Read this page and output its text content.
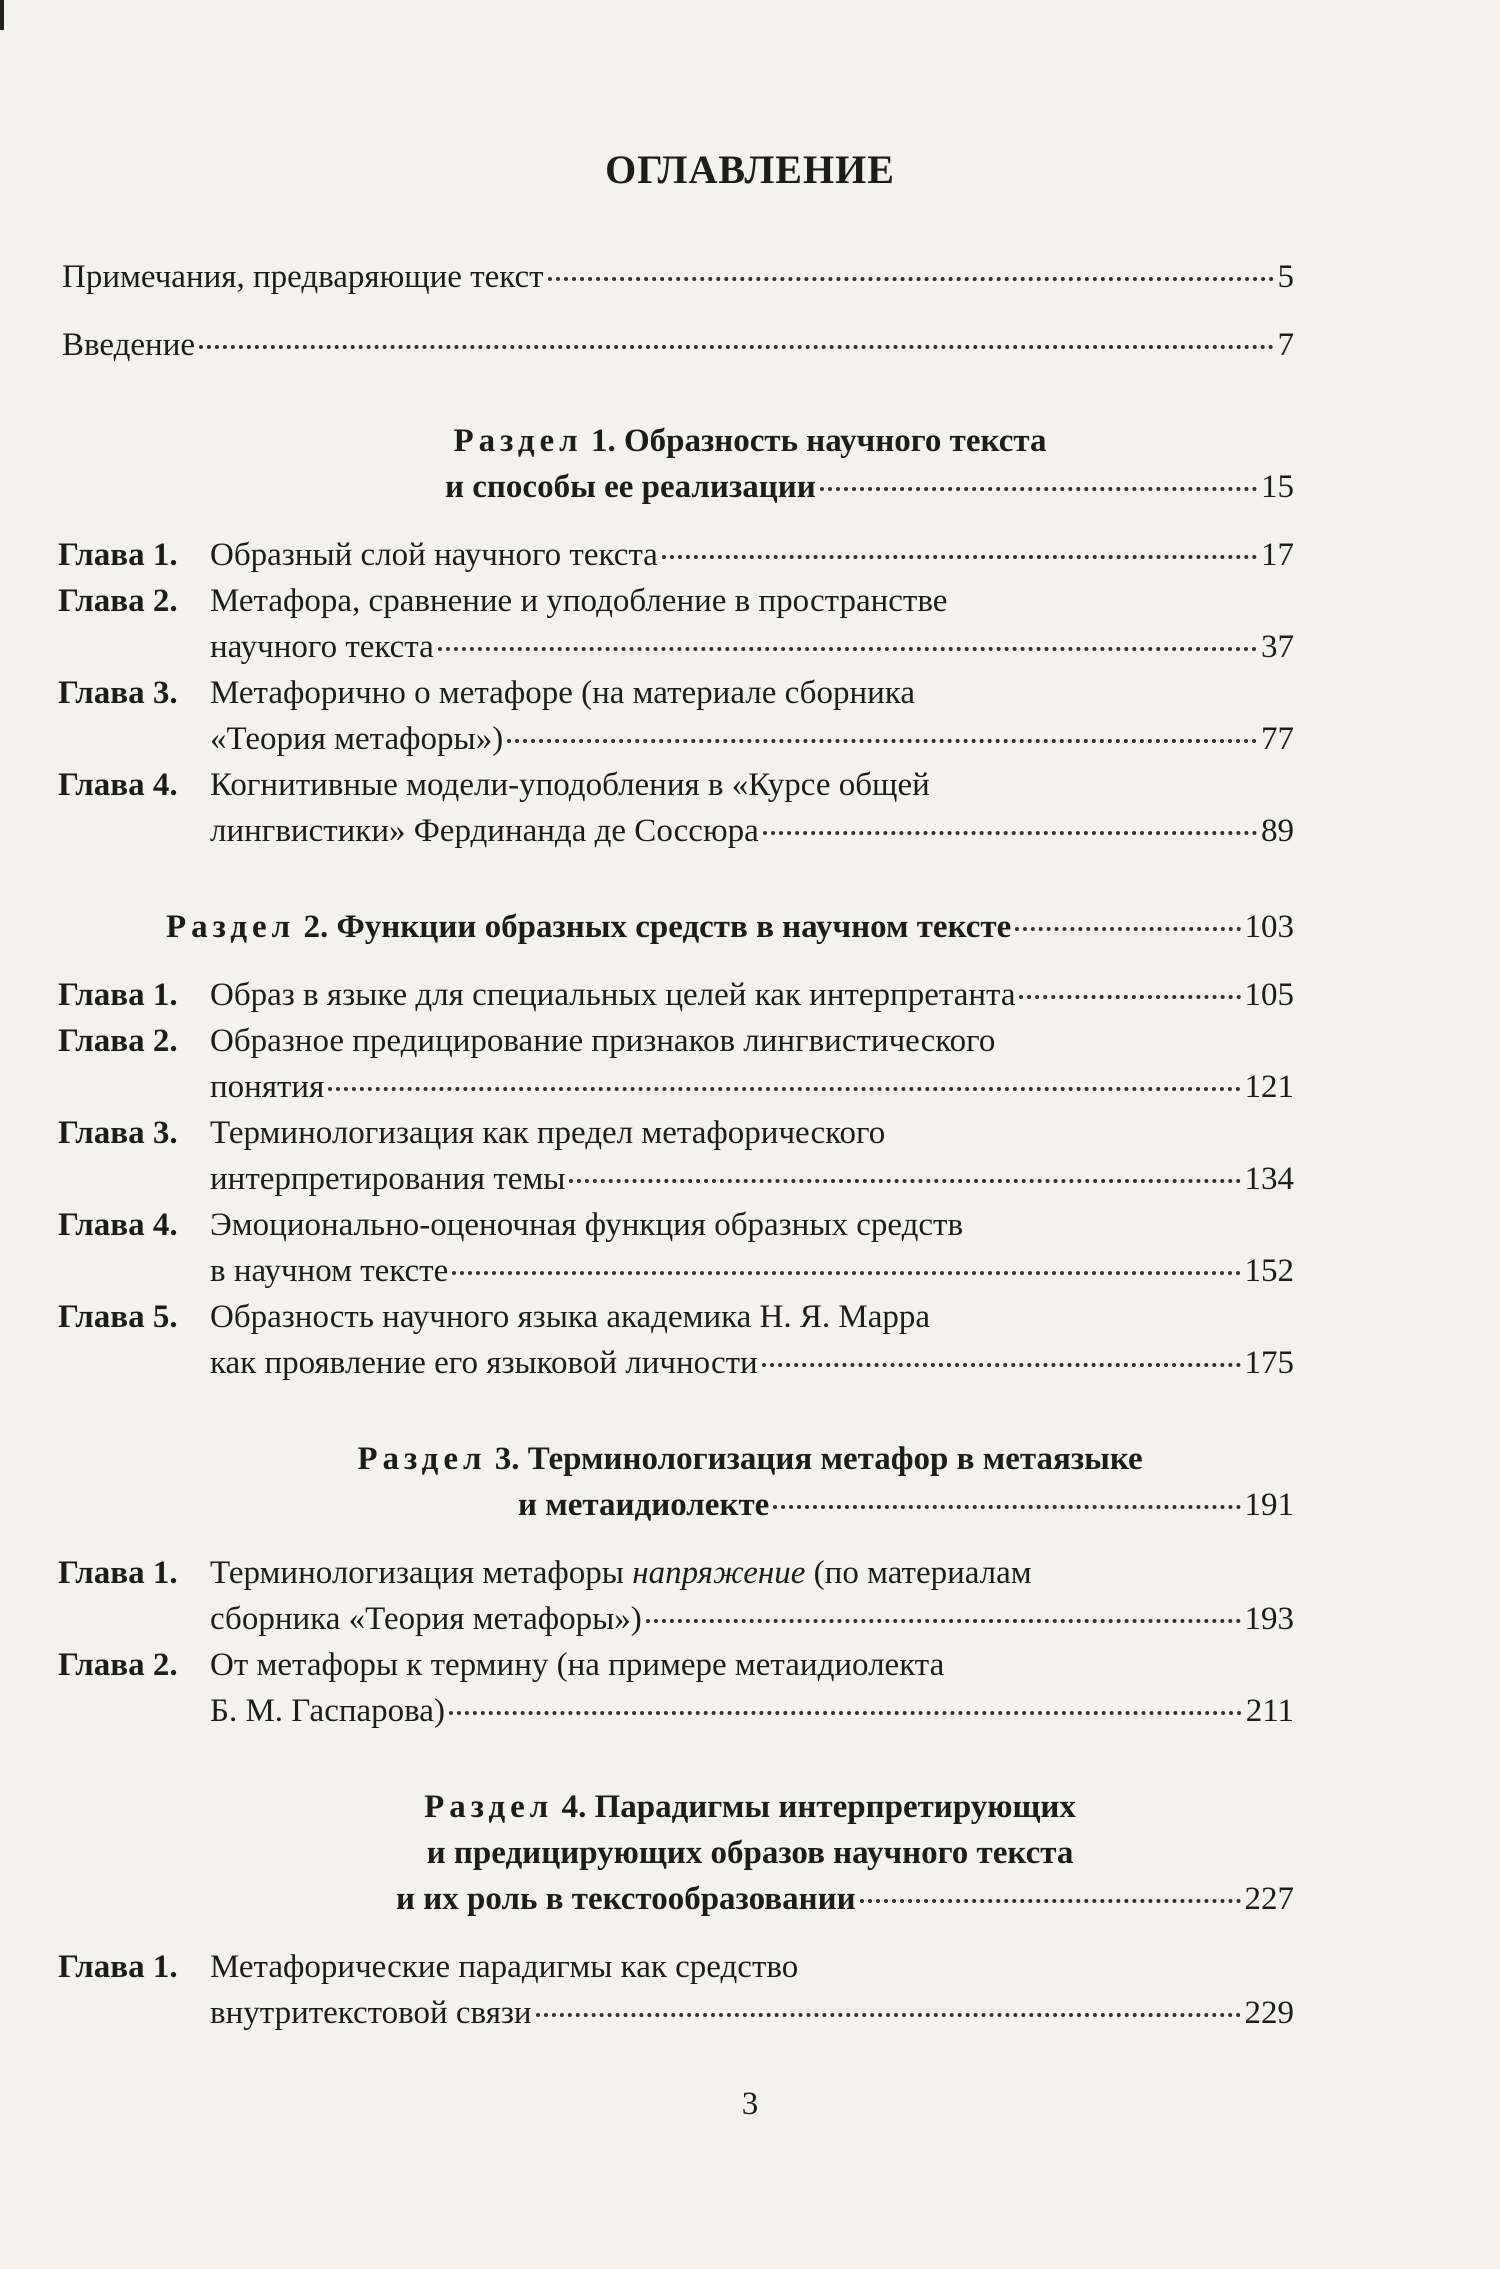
ОГЛАВЛЕНИЕ
Примечания, предваряющие текст	5
Введение	7
Раздел 1. Образность научного текста
и способы ее реализации	15
Глава 1. Образный слой научного текста	17
Глава 2. Метафора, сравнение и уподобление в пространстве
научного текста	37
Глава 3. Метафорично о метафоре (на материале сборника
«Теория метафоры»)	77
Глава 4. Когнитивные модели-уподобления в «Курсе общей
лингвистики» Фердинанда де Соссюра	89
Раздел 2. Функции образных средств в научном тексте	103
Глава 1. Образ в языке для специальных целей как интерпретанта	105
Глава 2. Образное предицирование признаков лингвистического
понятия	121
Глава 3. Терминологизация как предел метафорического
интерпретирования темы	134
Глава 4. Эмоционально-оценочная функция образных средств
в научном тексте	152
Глава 5. Образность научного языка академика Н. Я. Марра
как проявление его языковой личности	175
Раздел 3. Терминологизация метафор в метаязыке
и метаидиолекте	191
Глава 1. Терминологизация метафоры напряжение (по материалам
сборника «Теория метафоры»)	193
Глава 2. От метафоры к термину (на примере метаидиолекта
Б. М. Гаспарова)	211
Раздел 4. Парадигмы интерпретирующих
и предицирующих образов научного текста
и их роль в текстообразовании	227
Глава 1. Метафорические парадигмы как средство
внутритекстовой связи	229
3
